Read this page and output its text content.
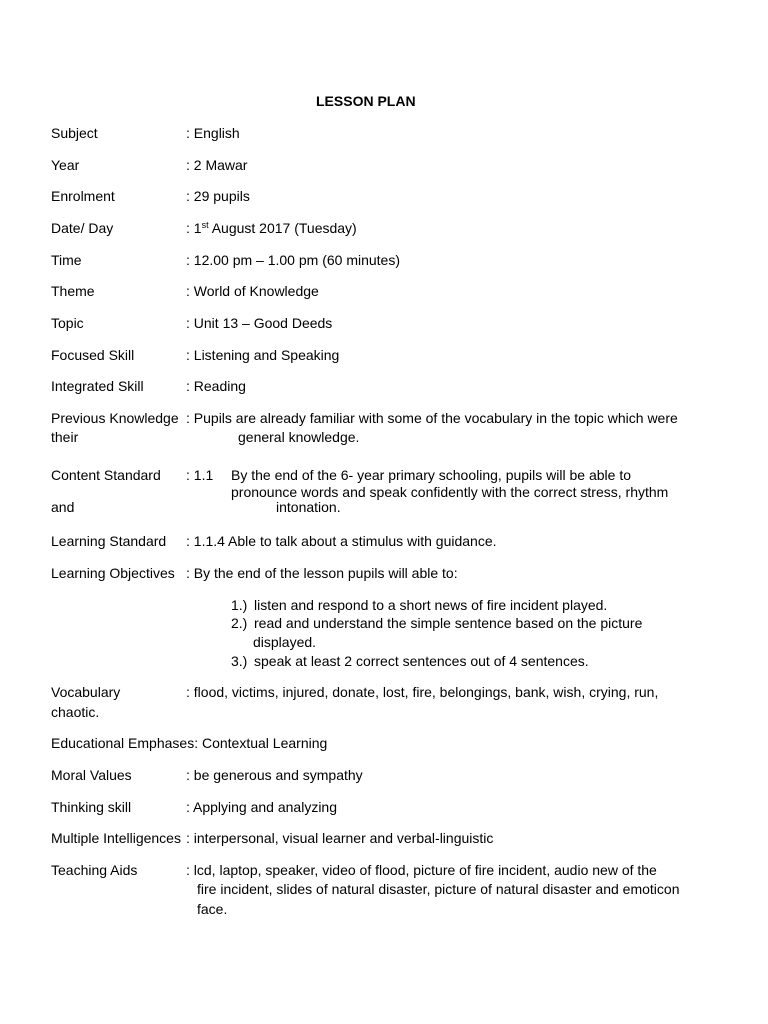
LESSON PLAN
Subject	: English
Year	: 2 Mawar
Enrolment	: 29 pupils
Date/ Day	: 1st August 2017 (Tuesday)
Time	: 12.00 pm – 1.00 pm (60 minutes)
Theme	: World of Knowledge
Topic	: Unit 13 – Good Deeds
Focused Skill	: Listening and Speaking
Integrated Skill	: Reading
Previous Knowledge : Pupils are already familiar with some of the vocabulary in the topic which were
their	general knowledge.
Content Standard : 1.1 By the end of the 6- year primary schooling, pupils will be able to
pronounce words and speak confidently with the correct stress, rhythm
and	intonation.
Learning Standard : 1.1.4 Able to talk about a stimulus with guidance.
Learning Objectives : By the end of the lesson pupils will able to:
1.) listen and respond to a short news of fire incident played.
2.) read and understand the simple sentence based on the picture
displayed.
3.) speak at least 2 correct sentences out of 4 sentences.
Vocabulary	: flood, victims, injured, donate, lost, fire, belongings, bank, wish, crying, run,
chaotic.
Educational Emphases: Contextual Learning
Moral Values	: be generous and sympathy
Thinking skill	: Applying and analyzing
Multiple Intelligences : interpersonal, visual learner and verbal-linguistic
Teaching Aids	: lcd, laptop, speaker, video of flood, picture of fire incident, audio new of the
fire incident, slides of natural disaster, picture of natural disaster and emoticon
face.
